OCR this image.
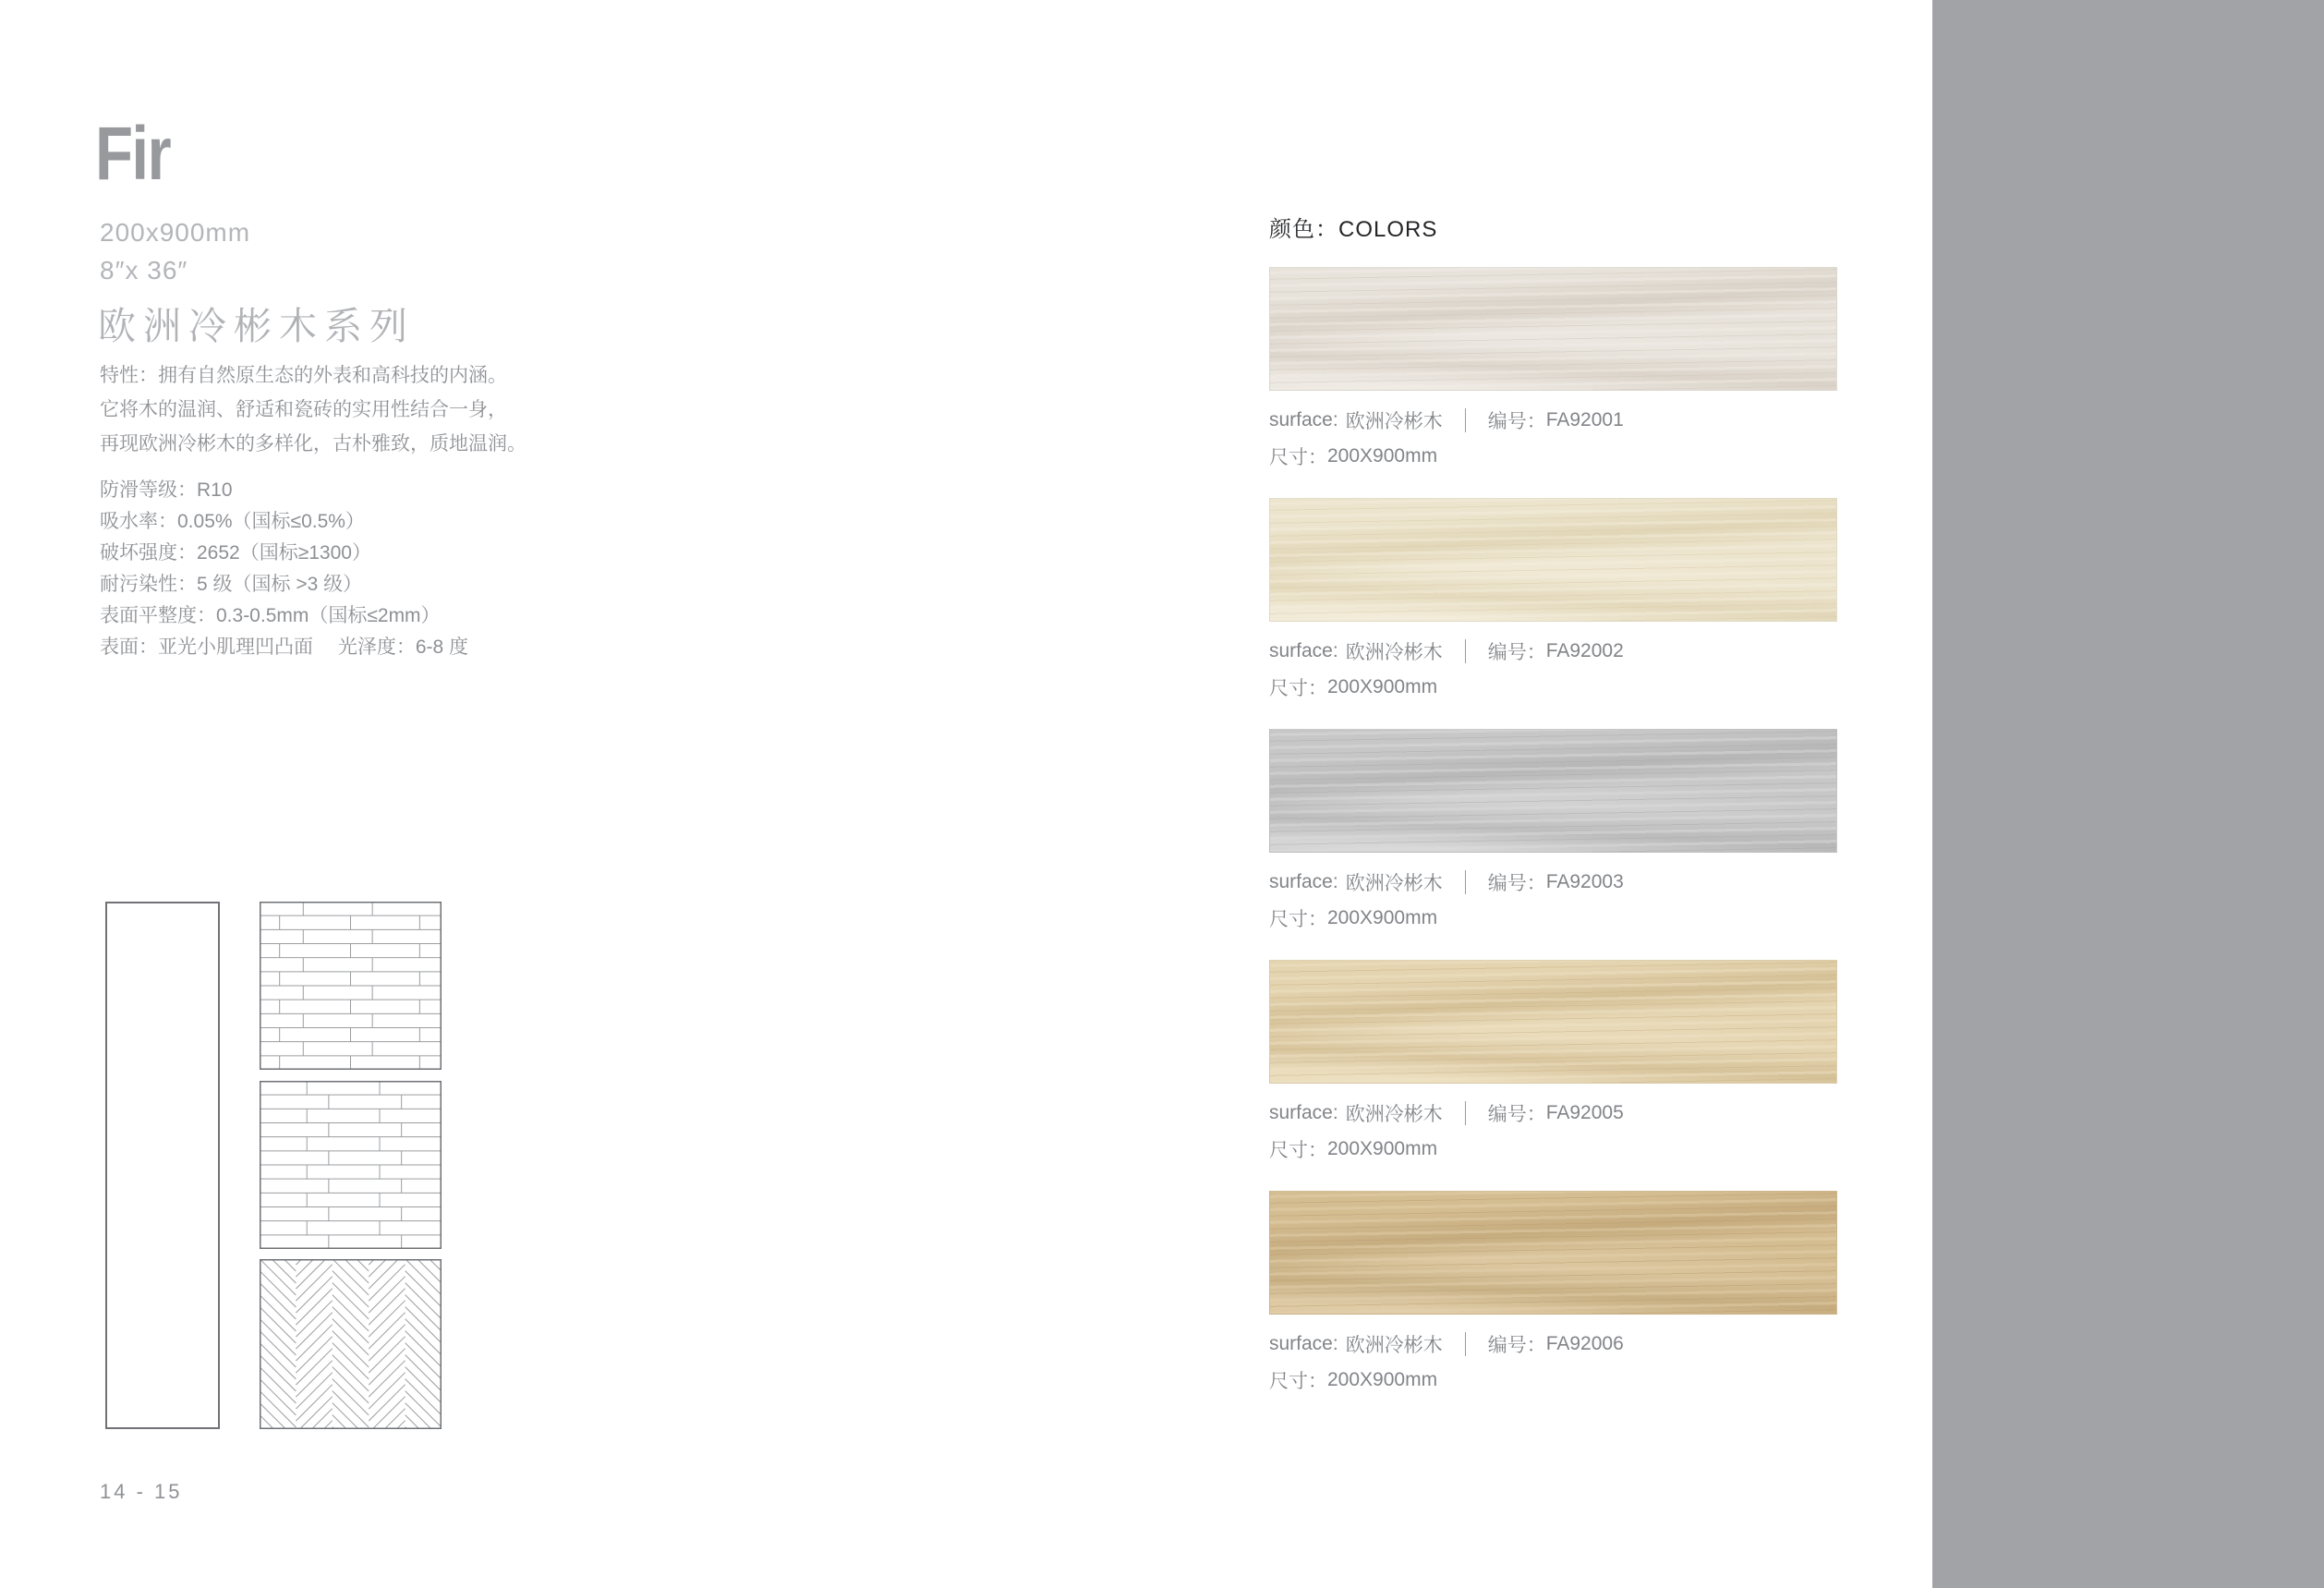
Fir
200x900mm
8″x 36″
欧洲冷彬木系列
特性：拥有自然原生态的外表和高科技的内涵。
它将木的温润、舒适和瓷砖的实用性结合一身，
再现欧洲冷彬木的多样化，古朴雅致，质地温润。
防滑等级：R10
吸水率：0.05%（国标≤0.5%）
破坏强度：2652（国标≥1300）
耐污染性：5 级（国标 >3 级）
表面平整度：0.3-0.5mm（国标≤2mm）
表面：亚光小肌理凹凸面　 光泽度：6-8 度
14 - 15
颜色：COLORS
surface: 欧洲冷彬木 编号： FA92001
尺寸： 200X900mm
surface: 欧洲冷彬木 编号： FA92002
尺寸： 200X900mm
surface: 欧洲冷彬木 编号： FA92003
尺寸： 200X900mm
surface: 欧洲冷彬木 编号： FA92005
尺寸： 200X900mm
surface: 欧洲冷彬木 编号： FA92006
尺寸： 200X900mm
